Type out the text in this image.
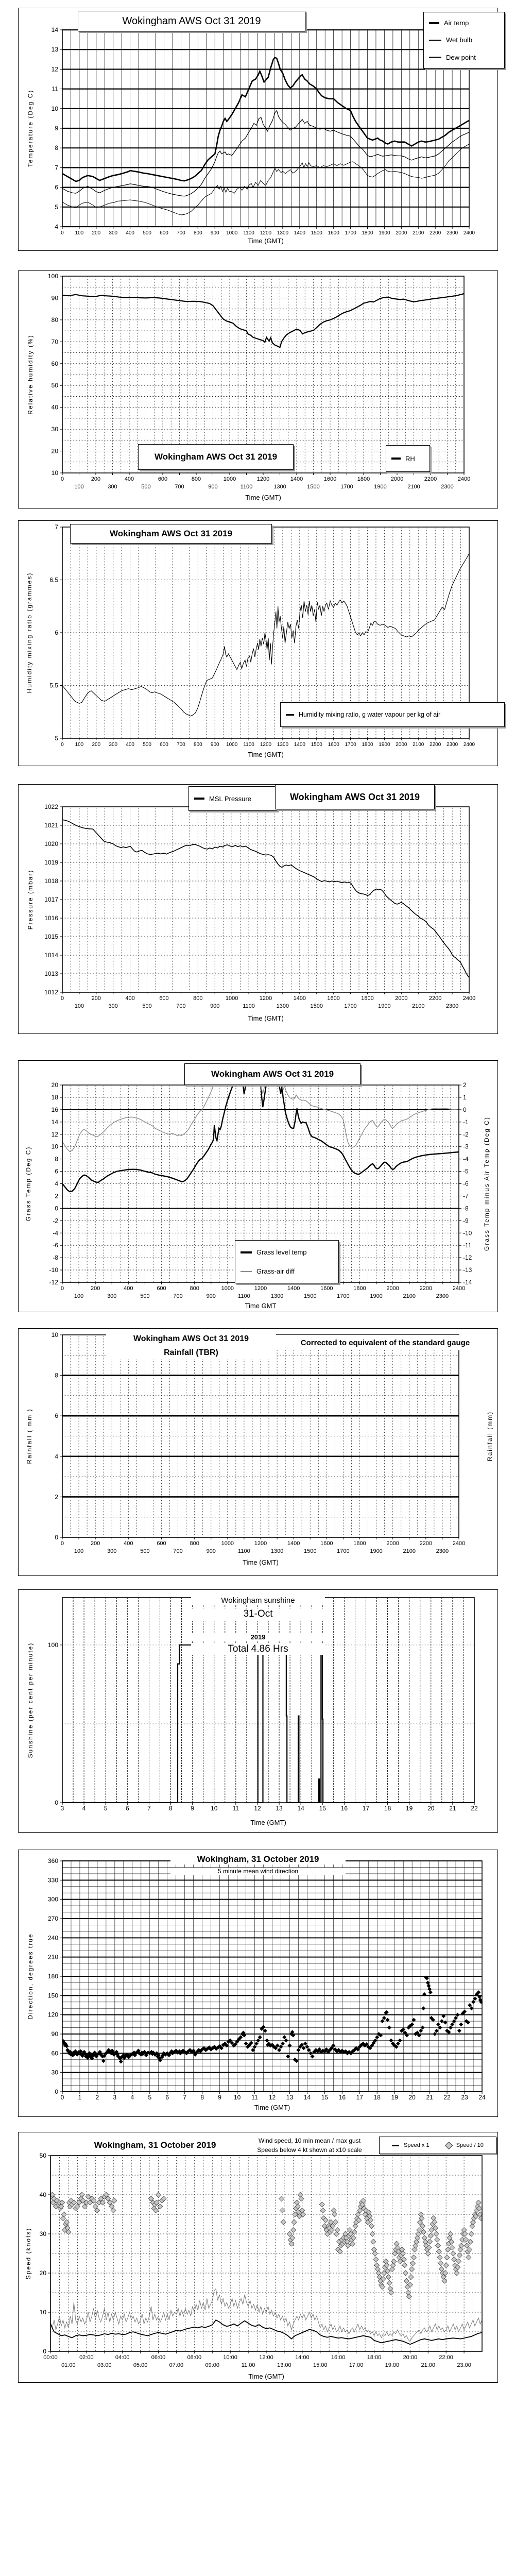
0 100 200 300 400 500 600 700 800 900 1000 1100 1200 1300 1400 1500 1600 1700 1800 1900 2000 2100 2200 2300 2400
4
5
6
7
8
9
10
11
12
13
14
Temperature (Deg C)
Time (GMT)
Wokingham AWS Oct 31 2019	Air temp
Wet bulb
Dew point
0
100
200
300
400
500
600
700
800
900
1000
1100
1200
1300
1400
1500
1600
1700
1800
1900
2000
2100
2200
2300
2400
10
20
30
40
50
60
70
80
90
100
Relative humidity (%)
Time (GMT)
Wokingham AWS Oct 31 2019	RH
0 100 200 300 400 500 600 700 800 900 1000 1100 1200 1300 1400 1500 1600 1700 1800 1900 2000 2100 2200 2300 2400
5
5.5
6
6.5
7
Humidity mixing ratio (grammes)
Time (GMT)
Wokingham AWS Oct 31 2019
Humidity mixing ratio, g water vapour per kg of air
0
100
200
300
400
500
600
700
800
900
1000
1100
1200
1300
1400
1500
1600
1700
1800
1900
2000
2100
2200
2300
2400
1012
1013
1014
1015
1016
1017
1018
1019
1020
1021
1022
Pressure (mbar)
Time (GMT)
MSL Pressure	Wokingham AWS Oct 31 2019
0
100
200
300
400
500
600
700
800
900
1000
1100
1200
1300
1400
1500
1600
1700
1800
1900
2000
2100
2200
2300
2400
-12
-10
-8
-6
-4
-2
0
2
4
6
8
10
12
14
16
18
20
-14
-13
-12
-11
-10
-9
-8
-7
-6
-5
-4
-3
-2
-1
0
1
2
Grass Temp (Deg C)	Grass Temp minus Air Temp (Deg C)
Time GMT
Wokingham AWS Oct 31 2019
Grass level temp
Grass-air diff
0
100
200
300
400
500
600
700
800
900
1000
1100
1200
1300
1400
1500
1600
1700
1800
1900
2000
2100
2200
2300
2400
0
2
4
6
8
10
Rainfall ( mm )	Rainfall (mm)
Time (GMT)
Wokingham AWS Oct 31 2019
Rainfall (TBR)
Corrected to equivalent of the standard gauge
3	4	5	6	7	8	9	10 11 12 13 14 15 16 17 18 19 20 21 22
0
100
Sunshine (per cent per minute)
Time (GMT)
Wokingham sunshine
31-Oct
2019
Total 4.86 Hrs
0 1 2 3 4 5 6 7 8 9 10 11 12 13 14 15 16 17 18 19 20 21 22 23 24
0
30
60
90
120
150
180
210
240
270
300
330
360
Direction, degrees true
Time (GMT)
Wokingham, 31 October 2019
5 minute mean wind direction
00:00
01:00
02:00
03:00
04:00
05:00
06:00
07:00
08:00
09:00
10:00
11:00
12:00
13:00
14:00
15:00
16:00
17:00
18:00
19:00
20:00
21:00
22:00
23:00
0
10
20
30
40
50
Speed (knots)
Time (GMT)
Wokingham, 31 October 2019	Wind speed, 10 min mean / max gust
Speeds below 4 kt shown at x10 scale
Speed x 1	Speed / 10
